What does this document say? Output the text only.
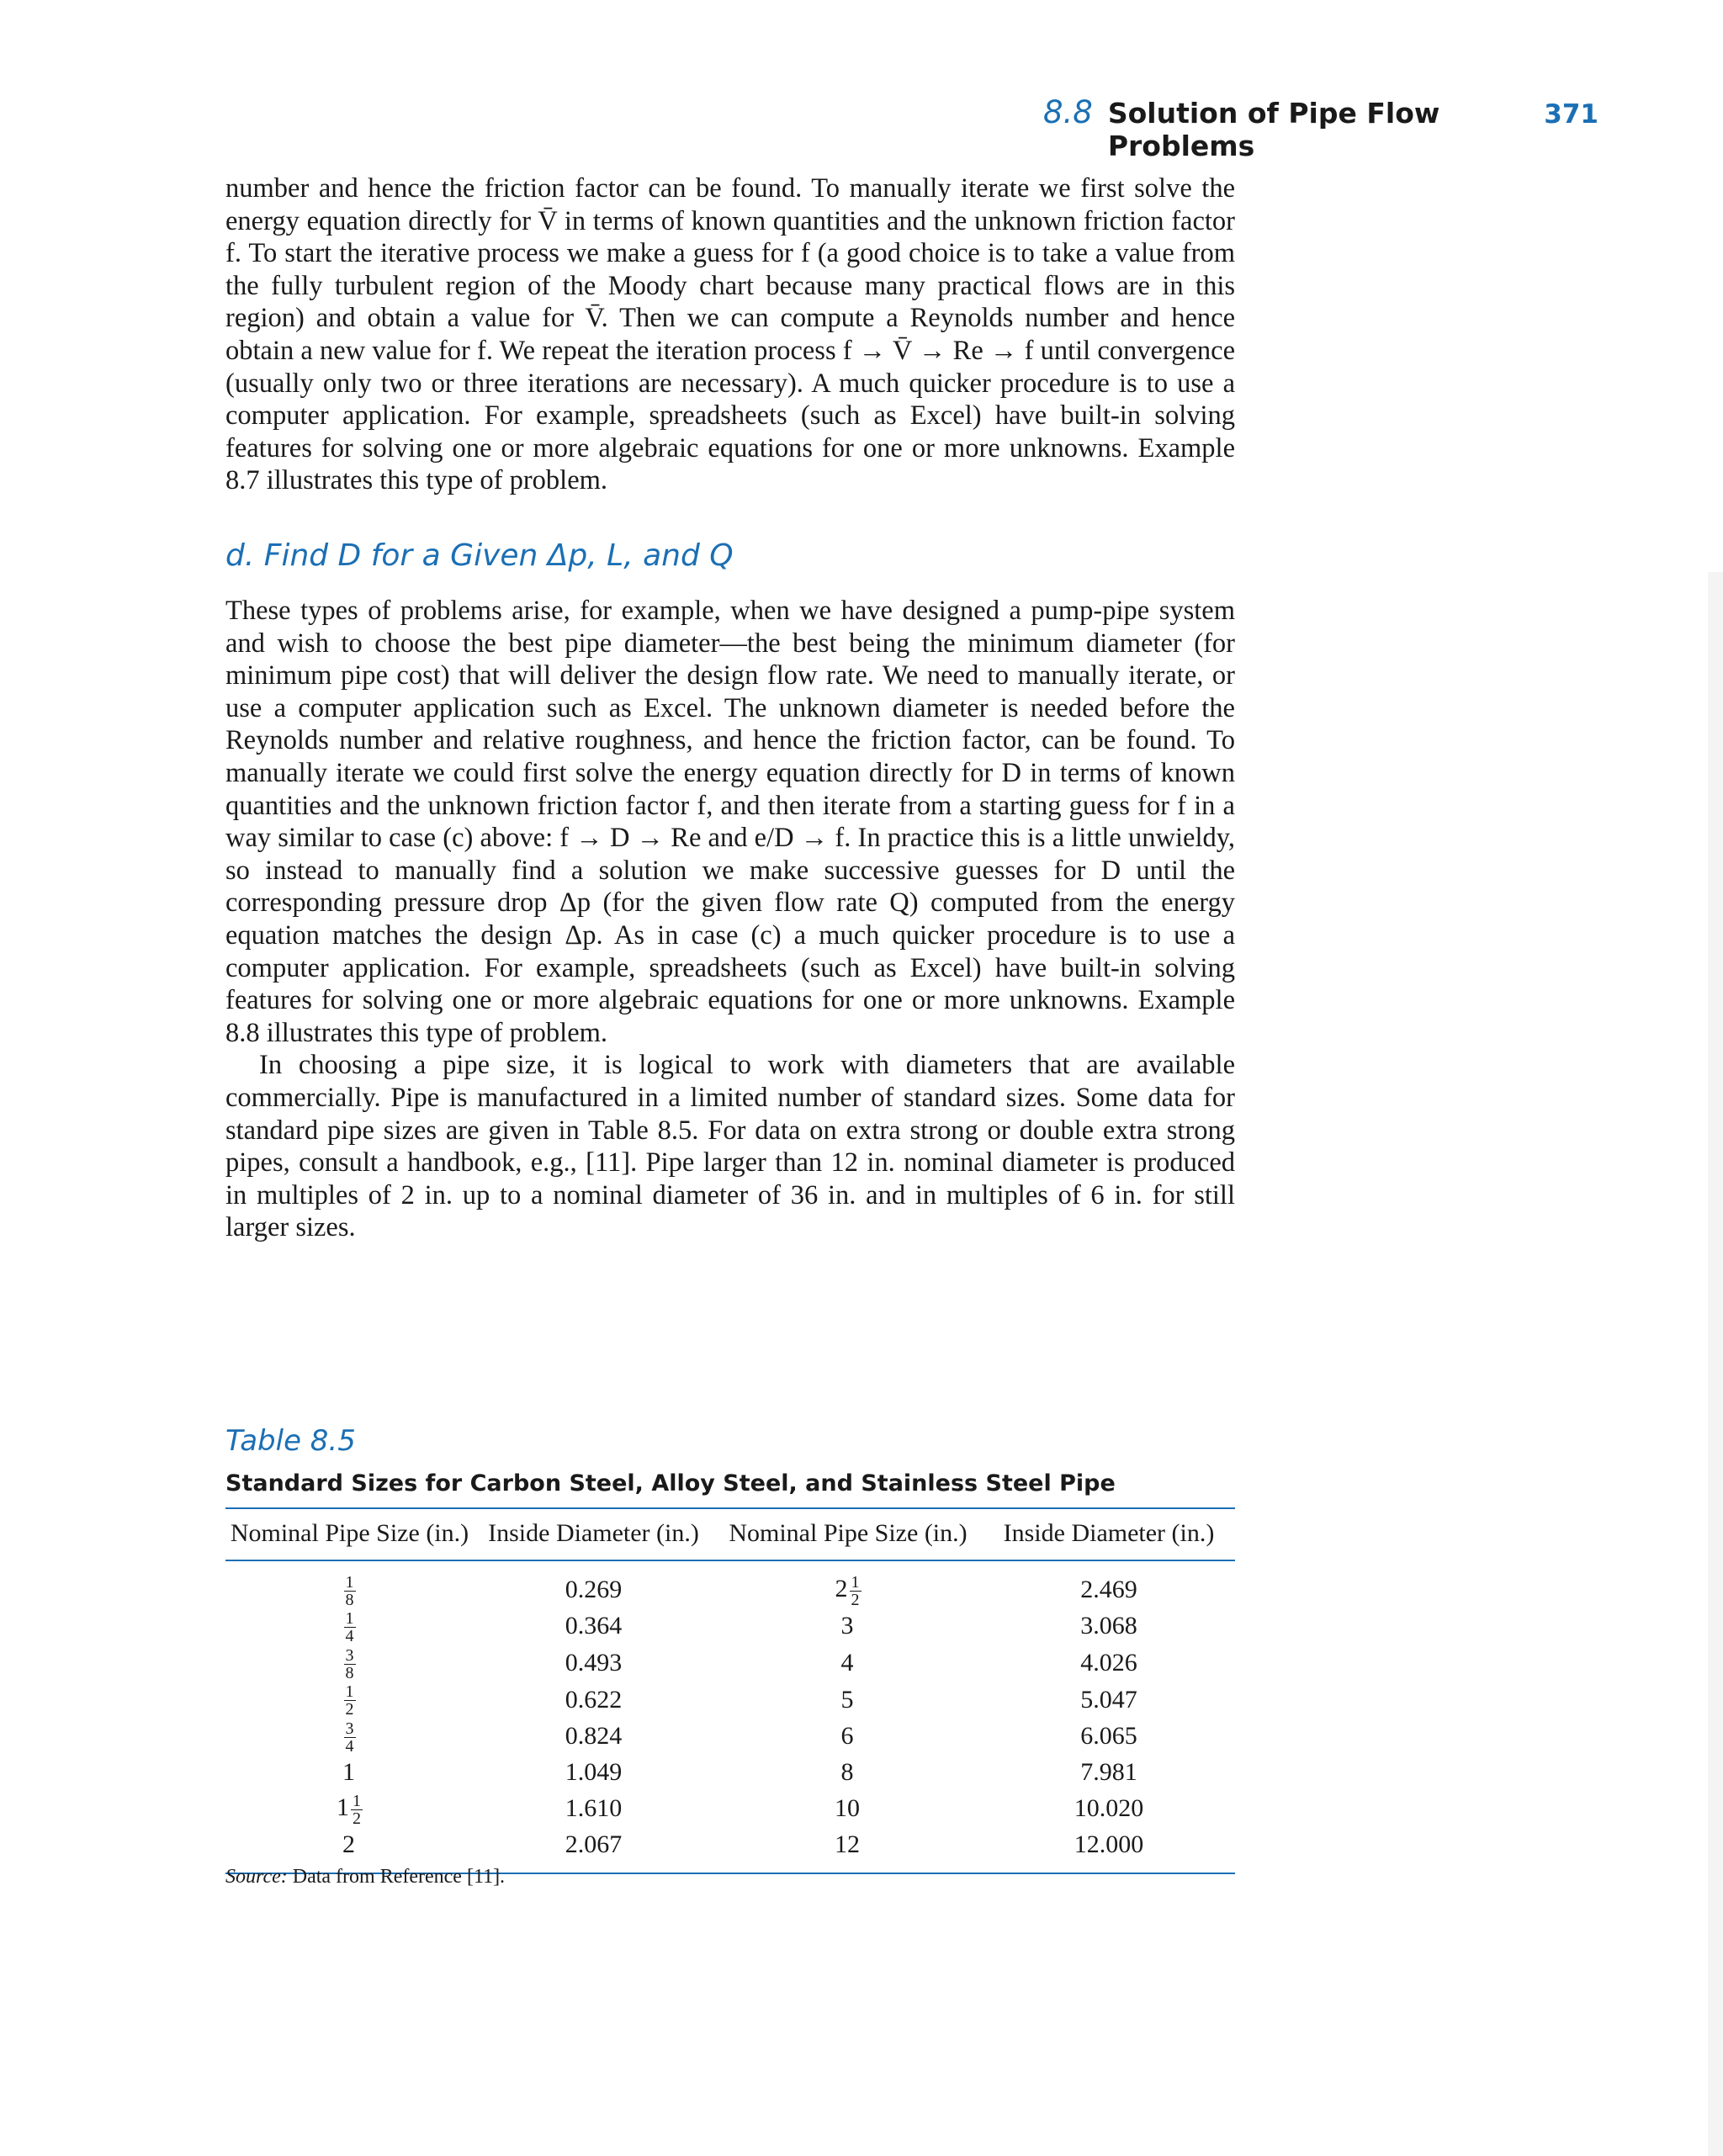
8.8 Solution of Pipe Flow Problems
371

number and hence the friction factor can be found. To manually iterate we first solve the energy equation directly for V̄ in terms of known quantities and the unknown friction factor f. To start the iterative process we make a guess for f (a good choice is to take a value from the fully turbulent region of the Moody chart because many practical flows are in this region) and obtain a value for V̄. Then we can compute a Reynolds number and hence obtain a new value for f. We repeat the iteration process f → V̄ → Re → f until convergence (usually only two or three iterations are necessary). A much quicker procedure is to use a computer application. For example, spreadsheets (such as Excel) have built-in solving features for solving one or more algebraic equations for one or more unknowns. Example 8.7 illustrates this type of problem.

d. Find D for a Given Δp, L, and Q

These types of problems arise, for example, when we have designed a pump-pipe system and wish to choose the best pipe diameter—the best being the minimum diameter (for minimum pipe cost) that will deliver the design flow rate. We need to manually iterate, or use a computer application such as Excel. The unknown diameter is needed before the Reynolds number and relative roughness, and hence the friction factor, can be found. To manually iterate we could first solve the energy equation directly for D in terms of known quantities and the unknown friction factor f, and then iterate from a starting guess for f in a way similar to case (c) above: f → D → Re and e/D → f. In practice this is a little unwieldy, so instead to manually find a solution we make successive guesses for D until the corresponding pressure drop Δp (for the given flow rate Q) computed from the energy equation matches the design Δp. As in case (c) a much quicker procedure is to use a computer application. For example, spreadsheets (such as Excel) have built-in solving features for solving one or more algebraic equations for one or more unknowns. Example 8.8 illustrates this type of problem.

In choosing a pipe size, it is logical to work with diameters that are available commercially. Pipe is manufactured in a limited number of standard sizes. Some data for standard pipe sizes are given in Table 8.5. For data on extra strong or double extra strong pipes, consult a handbook, e.g., [11]. Pipe larger than 12 in. nominal diameter is produced in multiples of 2 in. up to a nominal diameter of 36 in. and in multiples of 6 in. for still larger sizes.

Table 8.5
Standard Sizes for Carbon Steel, Alloy Steel, and Stainless Steel Pipe
Nominal Pipe Size (in.)	Inside Diameter (in.)	Nominal Pipe Size (in.)	Inside Diameter (in.)

$\frac{1}{8}$	0.269	$2 \frac{1}{2}$	2.469

$\frac{1}{4}$	0.364	3	3.068

$\frac{3}{8}$	0.493	4	4.026

$\frac{1}{2}$	0.622	5	5.047

$\frac{3}{4}$	0.824	6	6.065
1	1.049	8	7.981
$1 \frac{1}{2}$	1.610	10	10.020
2	2.067	12	12.000
Source: Data from Reference [11].
